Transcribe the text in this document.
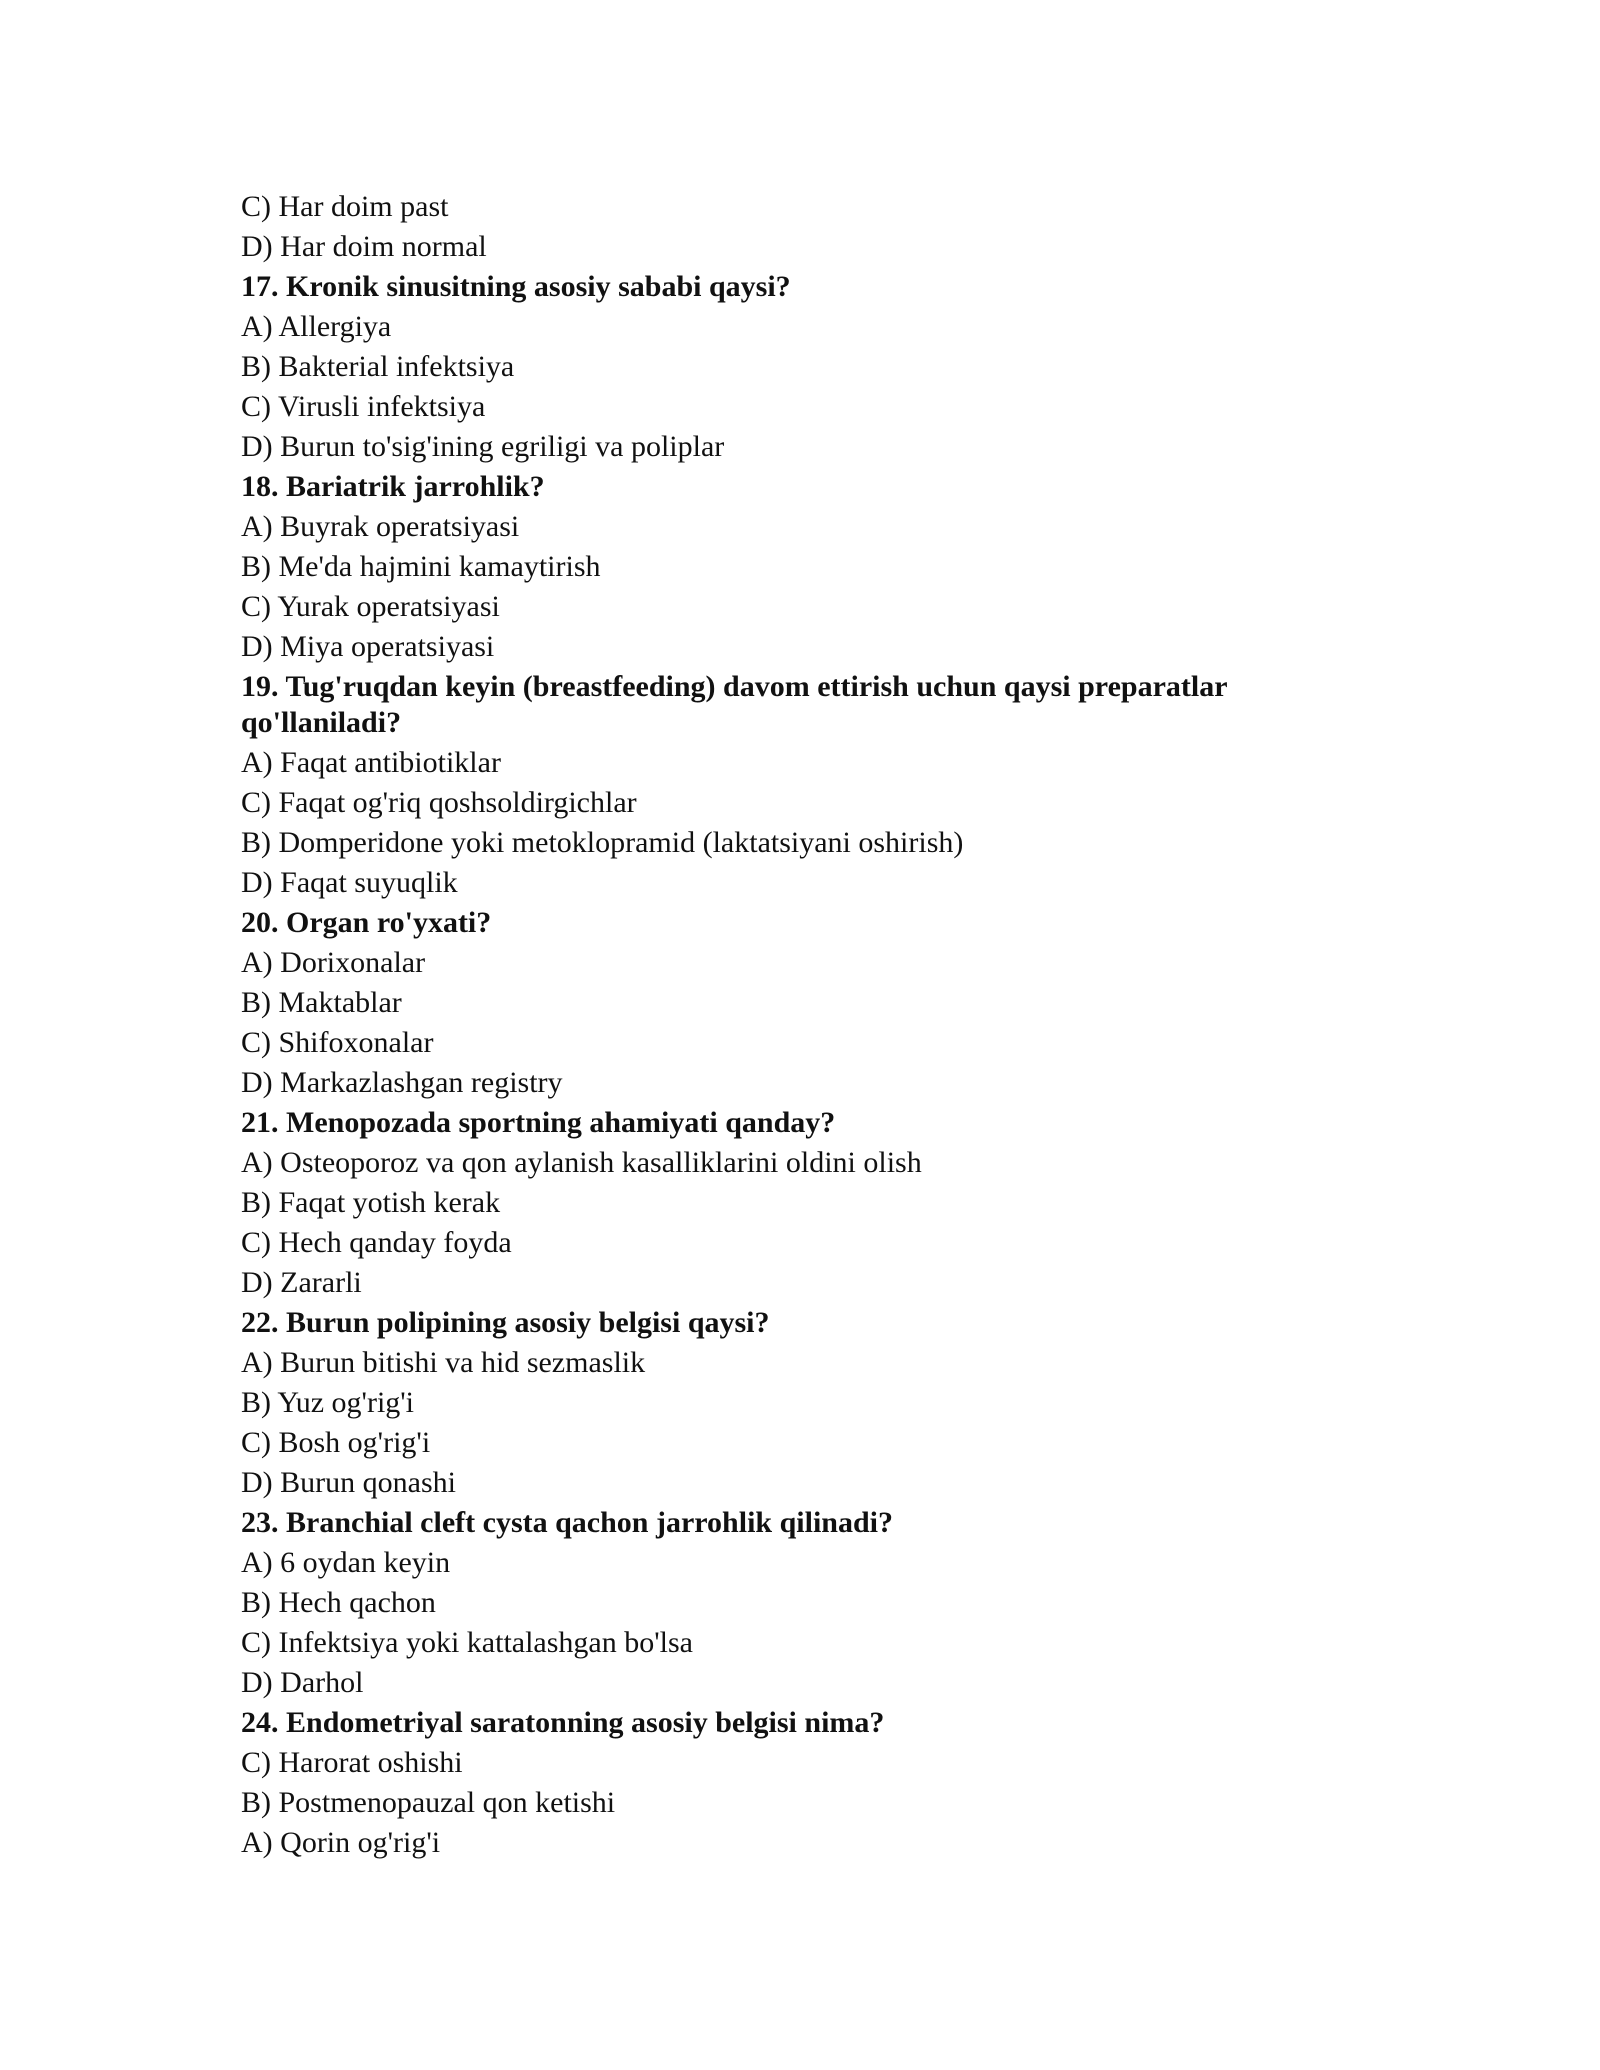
C) Har doim past
D) Har doim normal
17. Kronik sinusitning asosiy sababi qaysi?
A) Allergiya
B) Bakterial infektsiya
C) Virusli infektsiya
D) Burun to'sig'ining egriligi va poliplar
18. Bariatrik jarrohlik?
A) Buyrak operatsiyasi
B) Me'da hajmini kamaytirish
C) Yurak operatsiyasi
D) Miya operatsiyasi
19. Tug'ruqdan keyin (breastfeeding) davom ettirish uchun qaysi preparatlar qo'llaniladi?
A) Faqat antibiotiklar
C) Faqat og'riq qoshsoldirgichlar
B) Domperidone yoki metoklopramid (laktatsiyani oshirish)
D) Faqat suyuqlik
20. Organ ro'yxati?
A) Dorixonalar
B) Maktablar
C) Shifoxonalar
D) Markazlashgan registry
21. Menopozada sportning ahamiyati qanday?
A) Osteoporoz va qon aylanish kasalliklarini oldini olish
B) Faqat yotish kerak
C) Hech qanday foyda
D) Zararli
22. Burun polipining asosiy belgisi qaysi?
A) Burun bitishi va hid sezmaslik
B) Yuz og'rig'i
C) Bosh og'rig'i
D) Burun qonashi
23. Branchial cleft cysta qachon jarrohlik qilinadi?
A) 6 oydan keyin
B) Hech qachon
C) Infektsiya yoki kattalashgan bo'lsa
D) Darhol
24. Endometriyal saratonning asosiy belgisi nima?
C) Harorat oshishi
B) Postmenopauzal qon ketishi
A) Qorin og'rig'i
